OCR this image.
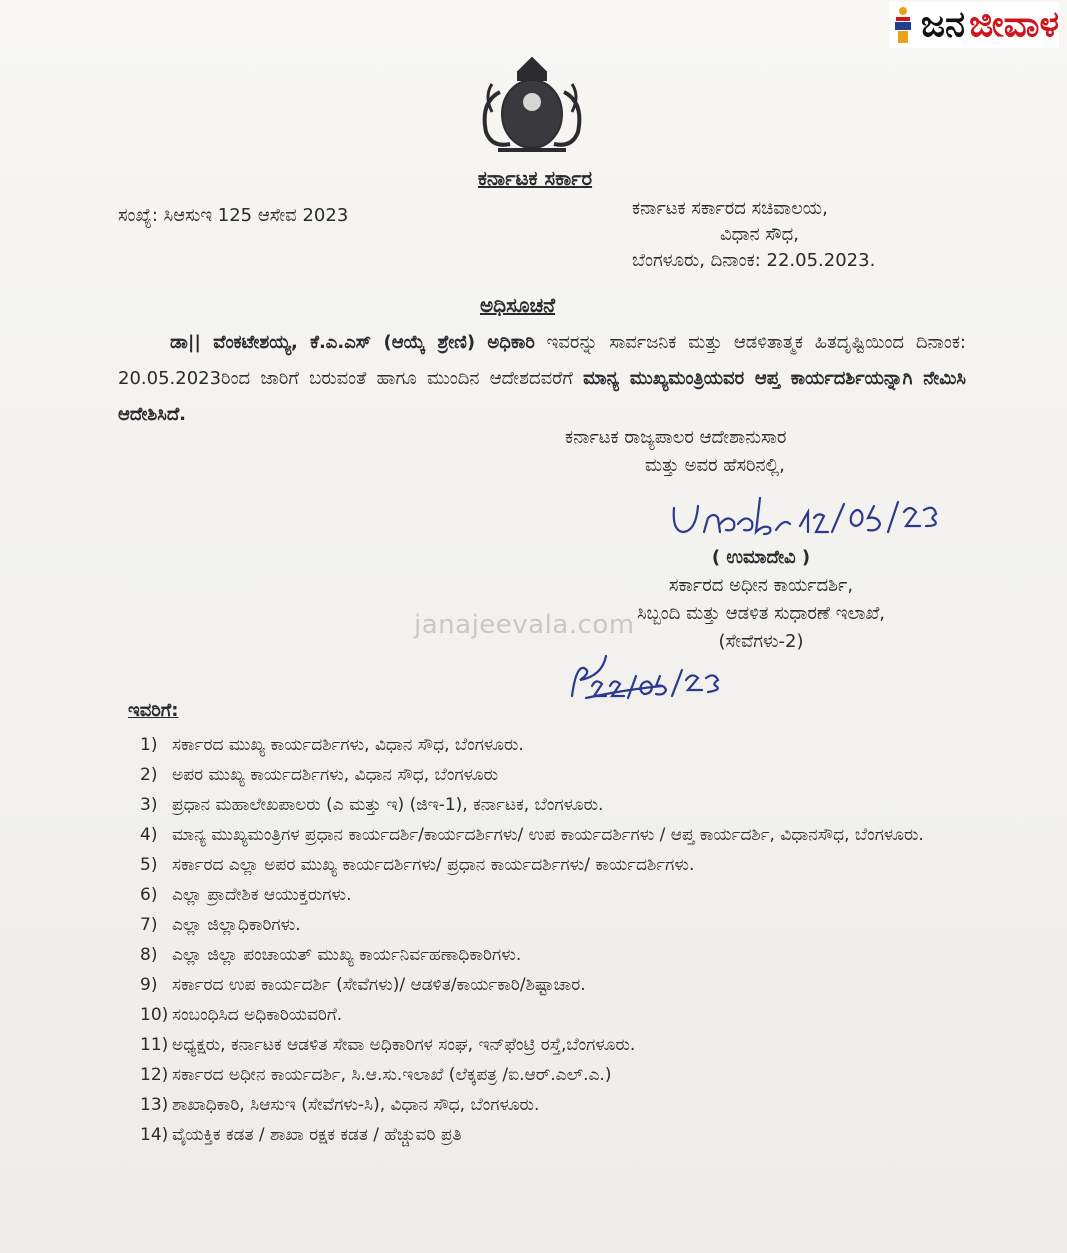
ಜನ ಜೀವಾಳ
ಕರ್ನಾಟಕ ಸರ್ಕಾರ
ಸಂಖ್ಯೆ: ಸಿಆಸುಇ 125 ಆಸೇವ 2023	ಕರ್ನಾಟಕ ಸರ್ಕಾರದ ಸಚಿವಾಲಯ,
ವಿಧಾನ ಸೌಧ,
ಬೆಂಗಳೂರು, ದಿನಾಂಕ: 22.05.2023.
ಅಧಿಸೂಚನೆ
ಡಾ|| ವೆಂಕಟೇಶಯ್ಯ, ಕೆ.ಎ.ಎಸ್ (ಆಯ್ಕೆ ಶ್ರೇಣಿ) ಅಧಿಕಾರಿ ಇವರನ್ನು ಸಾರ್ವಜನಿಕ ಮತ್ತು ಆಡಳಿತಾತ್ಮಕ ಹಿತದೃಷ್ಟಿಯಿಂದ ದಿನಾಂಕ: 20.05.2023ರಿಂದ ಜಾರಿಗೆ ಬರುವಂತೆ ಹಾಗೂ ಮುಂದಿನ ಆದೇಶದವರೆಗೆ ಮಾನ್ಯ ಮುಖ್ಯಮಂತ್ರಿಯವರ ಆಪ್ತ ಕಾರ್ಯದರ್ಶಿಯನ್ನಾಗಿ ನೇಮಿಸಿ ಆದೇಶಿಸಿದೆ.
ಕರ್ನಾಟಕ ರಾಜ್ಯಪಾಲರ ಆದೇಶಾನುಸಾರ
ಮತ್ತು ಅವರ ಹೆಸರಿನಲ್ಲಿ,
( ಉಮಾದೇವಿ )
ಸರ್ಕಾರದ ಅಧೀನ ಕಾರ್ಯದರ್ಶಿ,
ಸಿಬ್ಬಂದಿ ಮತ್ತು ಆಡಳಿತ ಸುಧಾರಣೆ ಇಲಾಖೆ,
(ಸೇವೆಗಳು-2)
janajeevala.com
ಇವರಿಗೆ:
1) ಸರ್ಕಾರದ ಮುಖ್ಯ ಕಾರ್ಯದರ್ಶಿಗಳು, ವಿಧಾನ ಸೌಧ, ಬೆಂಗಳೂರು.
2) ಅಪರ ಮುಖ್ಯ ಕಾರ್ಯದರ್ಶಿಗಳು, ವಿಧಾನ ಸೌಧ, ಬೆಂಗಳೂರು
3) ಪ್ರಧಾನ ಮಹಾಲೇಖಪಾಲರು (ಎ ಮತ್ತು ಇ) (ಜಿಇ-1), ಕರ್ನಾಟಕ, ಬೆಂಗಳೂರು.
4) ಮಾನ್ಯ ಮುಖ್ಯಮಂತ್ರಿಗಳ ಪ್ರಧಾನ ಕಾರ್ಯದರ್ಶಿ/ಕಾರ್ಯದರ್ಶಿಗಳು/ ಉಪ ಕಾರ್ಯದರ್ಶಿಗಳು / ಆಪ್ತ ಕಾರ್ಯದರ್ಶಿ, ವಿಧಾನಸೌಧ, ಬೆಂಗಳೂರು.
5) ಸರ್ಕಾರದ ಎಲ್ಲಾ ಅಪರ ಮುಖ್ಯ ಕಾರ್ಯದರ್ಶಿಗಳು/ ಪ್ರಧಾನ ಕಾರ್ಯದರ್ಶಿಗಳು/ ಕಾರ್ಯದರ್ಶಿಗಳು.
6) ಎಲ್ಲಾ ಪ್ರಾದೇಶಿಕ ಆಯುಕ್ತರುಗಳು.
7) ಎಲ್ಲಾ ಜಿಲ್ಲಾಧಿಕಾರಿಗಳು.
8) ಎಲ್ಲಾ ಜಿಲ್ಲಾ ಪಂಚಾಯತ್ ಮುಖ್ಯ ಕಾರ್ಯನಿರ್ವಹಣಾಧಿಕಾರಿಗಳು.
9) ಸರ್ಕಾರದ ಉಪ ಕಾರ್ಯದರ್ಶಿ (ಸೇವೆಗಳು)/ ಆಡಳಿತ/ಕಾರ್ಯಕಾರಿ/ಶಿಷ್ಟಾಚಾರ.
10) ಸಂಬಂಧಿಸಿದ ಅಧಿಕಾರಿಯವರಿಗೆ.
11) ಅಧ್ಯಕ್ಷರು, ಕರ್ನಾಟಕ ಆಡಳಿತ ಸೇವಾ ಅಧಿಕಾರಿಗಳ ಸಂಘ, ಇನ್‌ಫೆಂಟ್ರಿ ರಸ್ತೆ,ಬೆಂಗಳೂರು.
12) ಸರ್ಕಾರದ ಅಧೀನ ಕಾರ್ಯದರ್ಶಿ, ಸಿ.ಆ.ಸು.ಇಲಾಖೆ (ಲೆಕ್ಕಪತ್ರ /ಐ.ಆರ್.ಎಲ್.ಎ.)
13) ಶಾಖಾಧಿಕಾರಿ, ಸಿಆಸುಇ (ಸೇವೆಗಳು-ಸಿ), ವಿಧಾನ ಸೌಧ, ಬೆಂಗಳೂರು.
14) ವೈಯಕ್ತಿಕ ಕಡತ / ಶಾಖಾ ರಕ್ಷಕ ಕಡತ / ಹೆಚ್ಚುವರಿ ಪ್ರತಿ
